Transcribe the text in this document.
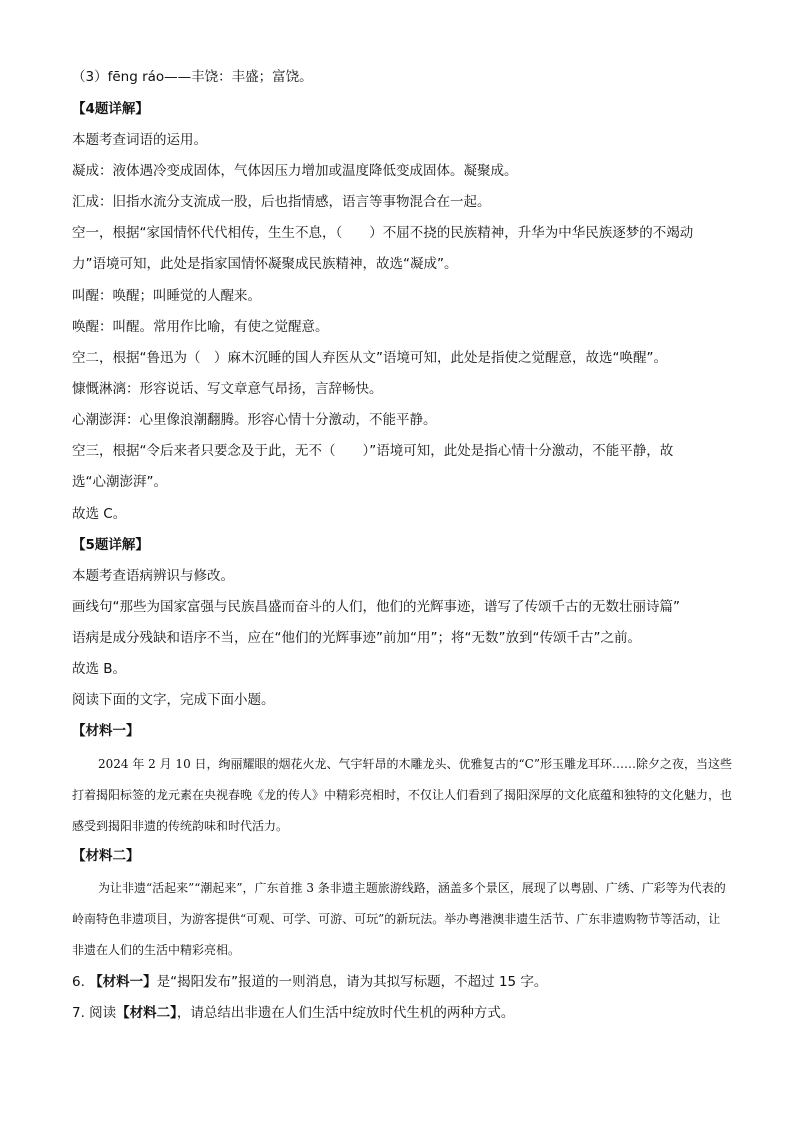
（3）fēng ráo——丰饶：丰盛；富饶。
【4题详解】
本题考查词语的运用。
凝成：液体遇冷变成固体，气体因压力增加或温度降低变成固体。凝聚成。
汇成：旧指水流分支流成一股，后也指情感，语言等事物混合在一起。
空一，根据“家国情怀代代相传，生生不息，（　　）不屈不挠的民族精神，升华为中华民族逐梦的不竭动
力”语境可知，此处是指家国情怀凝聚成民族精神，故选“凝成”。
叫醒：唤醒；叫睡觉的人醒来。
唤醒：叫醒。常用作比喻，有使之觉醒意。
空二，根据“鲁迅为（　）麻木沉睡的国人弃医从文”语境可知，此处是指使之觉醒意，故选“唤醒”。
慷慨淋漓：形容说话、写文章意气昂扬，言辞畅快。
心潮澎湃：心里像浪潮翻腾。形容心情十分激动，不能平静。
空三，根据“令后来者只要念及于此，无不（　　）”语境可知，此处是指心情十分激动，不能平静，故
选“心潮澎湃”。
故选 C。
【5题详解】
本题考查语病辨识与修改。
画线句“那些为国家富强与民族昌盛而奋斗的人们，他们的光辉事迹，谱写了传颂千古的无数壮丽诗篇”
语病是成分残缺和语序不当，应在“他们的光辉事迹”前加“用”；将“无数”放到“传颂千古”之前。
故选 B。
阅读下面的文字，完成下面小题。
【材料一】
2024 年 2 月 10 日，绚丽耀眼的烟花火龙、气宇轩昂的木雕龙头、优雅复古的“C”形玉雕龙耳环……除夕之夜，当这些打着揭阳标签的龙元素在央视春晚《龙的传人》中精彩亮相时，不仅让人们看到了揭阳深厚的文化底蕴和独特的文化魅力，也感受到揭阳非遗的传统韵味和时代活力。
【材料二】
为让非遗“活起来”“潮起来”，广东首推 3 条非遗主题旅游线路，涵盖多个景区，展现了以粤剧、广绣、广彩等为代表的岭南特色非遗项目，为游客提供“可观、可学、可游、可玩”的新玩法。举办粤港澳非遗生活节、广东非遗购物节等活动，让非遗在人们的生活中精彩亮相。
6. 【材料一】是“揭阳发布”报道的一则消息，请为其拟写标题，不超过 15 字。
7. 阅读【材料二】，请总结出非遗在人们生活中绽放时代生机的两种方式。
